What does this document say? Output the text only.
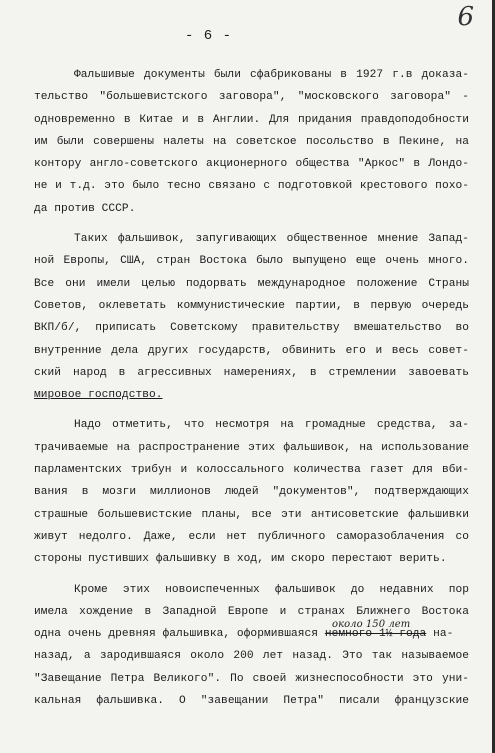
- 6 -
6
Фальшивые документы были сфабрикованы в 1927 г.в доказа-
тельство "большевистского заговора", "московского заговора" -
одновременно в Китае и в Англии. Для придания правдоподобности
им были совершены налеты на советское посольство в Пекине, на
контору англо-советского акционерного общества "Аркос" в Лондо-
не и т.д. это было тесно связано с подготовкой крестового похо-
да против СССР.
Таких фальшивок, запугивающих общественное мнение Запад-
ной Европы, США, стран Востока было выпущено еще очень много.
Все они имели целью подорвать международное положение Страны
Советов, оклеветать коммунистические партии, в первую очередь
ВКП/б/, приписать Советскому правительству вмешательство во
внутренние дела других государств, обвинить его и весь совет-
ский народ в агрессивных намерениях, в стремлении завоевать
мировое господство.
Надо отметить, что несмотря на громадные средства, за-
трачиваемые на распространение этих фальшивок, на использование
парламентских трибун и колоссального количества газет для вби-
вания в мозги миллионов людей "документов", подтверждающих
страшные большевистские планы, все эти антисоветские фальшивки
живут недолго. Даже, если нет публичного саморазоблачения со
стороны пустивших фальшивку в ход, им скоро перестают верить.
Кроме этих новоиспеченных фальшивок до недавних пор
имела хождение в Западной Европе и странах Ближнего Востока
одна очень древняя фальшивка, оформившаяся немного 1½ года на-
около 150 лет
назад, а зародившаяся около 200 лет назад. Это так называемое
"Завещание Петра Великого". По своей жизнеспособности это уни-
кальная фальшивка. О "завещании Петра" писали французские
